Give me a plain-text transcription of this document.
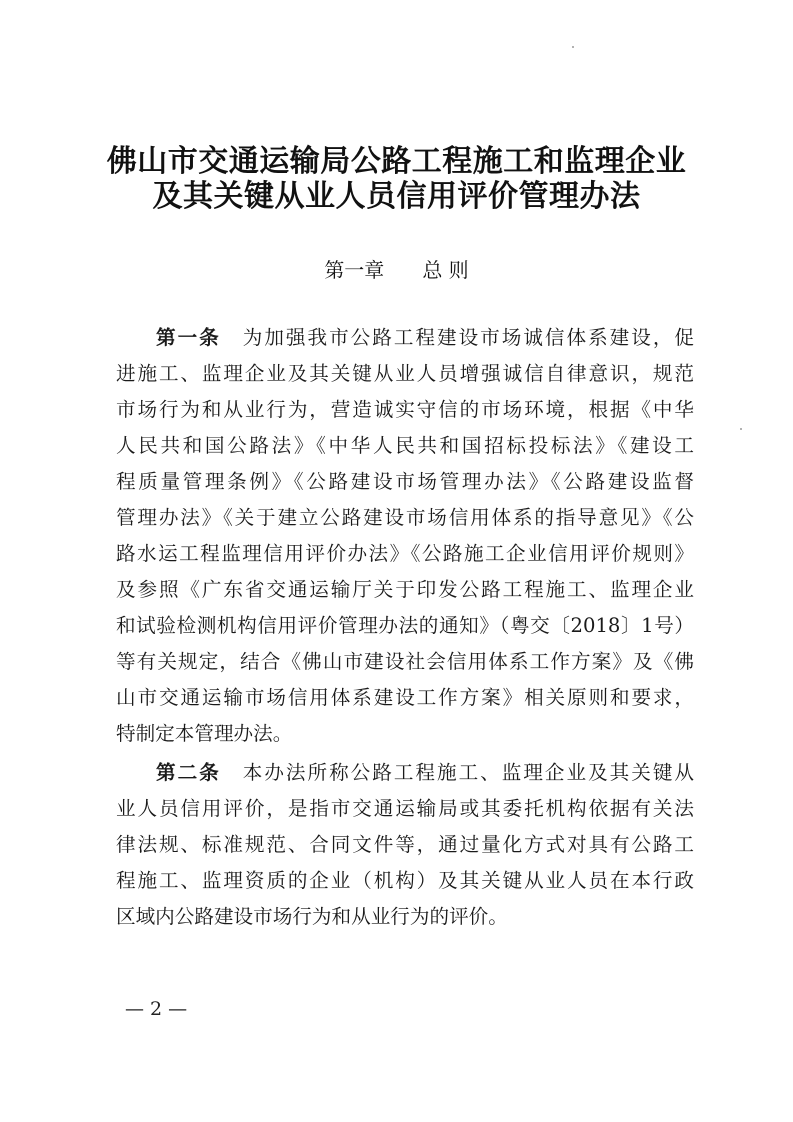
佛山市交通运输局公路工程施工和监理企业
及其关键从业人员信用评价管理办法
第一章 总 则
第一条 为加强我市公路工程建设市场诚信体系建设，促
进施工、监理企业及其关键从业人员增强诚信自律意识，规范
市场行为和从业行为，营造诚实守信的市场环境，根据《中华
人民共和国公路法》《中华人民共和国招标投标法》《建设工
程质量管理条例》《公路建设市场管理办法》《公路建设监督
管理办法》《关于建立公路建设市场信用体系的指导意见》《公
路水运工程监理信用评价办法》《公路施工企业信用评价规则》
及参照《广东省交通运输厅关于印发公路工程施工、监理企业
和试验检测机构信用评价管理办法的通知》（粤交〔2018〕1号）
等有关规定，结合《佛山市建设社会信用体系工作方案》及《佛
山市交通运输市场信用体系建设工作方案》相关原则和要求，
特制定本管理办法。
第二条 本办法所称公路工程施工、监理企业及其关键从
业人员信用评价，是指市交通运输局或其委托机构依据有关法
律法规、标准规范、合同文件等，通过量化方式对具有公路工
程施工、监理资质的企业（机构）及其关键从业人员在本行政
区域内公路建设市场行为和从业行为的评价。
— 2 —
